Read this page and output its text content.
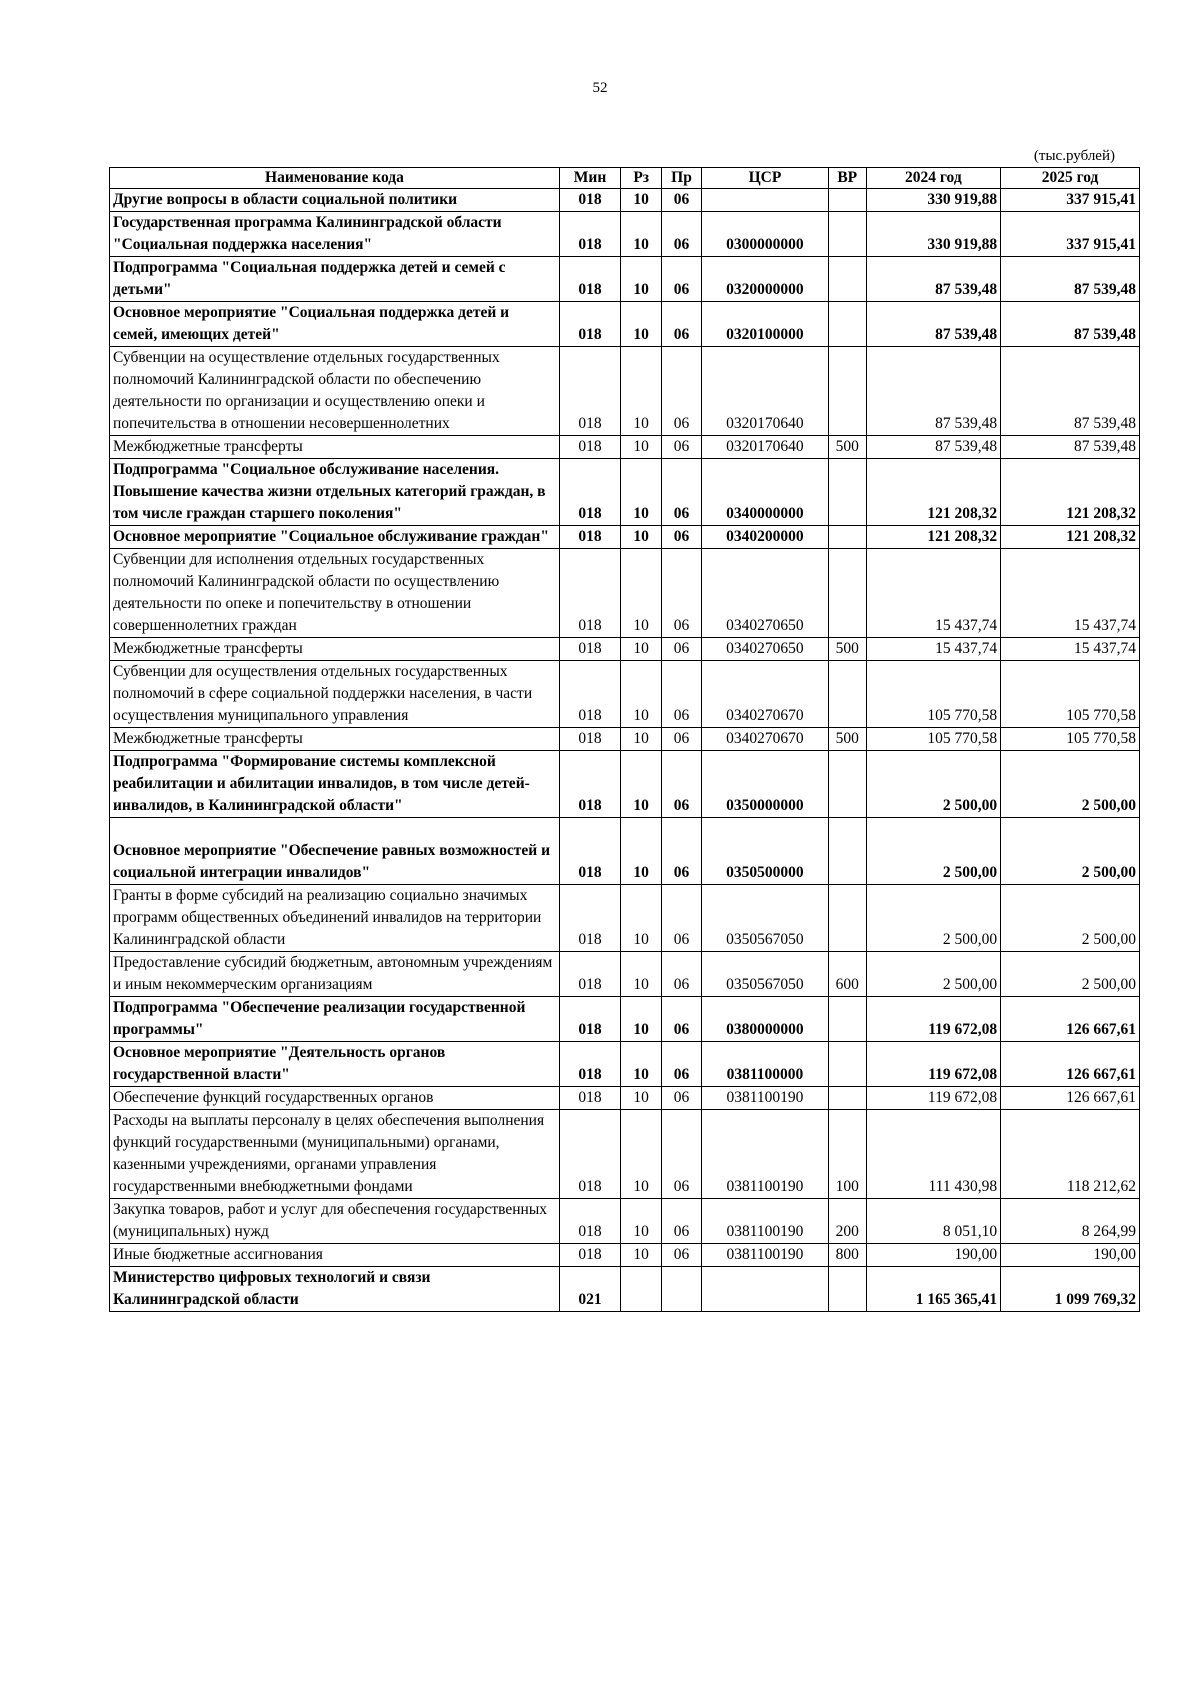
52
(тыс.рублей)
Наименование кода	Мин	Рз	Пр	ЦСР	ВР	2024 год	2025 год
Другие вопросы в области социальной политики	018	10	06			330 919,88	337 915,41
Государственная программа Калининградской области "Социальная поддержка населения"	018	10	06	0300000000		330 919,88	337 915,41
Подпрограмма "Социальная поддержка детей и семей с детьми"	018	10	06	0320000000		87 539,48	87 539,48
Основное мероприятие "Социальная поддержка детей и семей, имеющих детей"	018	10	06	0320100000		87 539,48	87 539,48
Субвенции на осуществление отдельных государственных полномочий Калининградской области по обеспечению деятельности по организации и осуществлению опеки и попечительства в отношении несовершеннолетних	018	10	06	0320170640		87 539,48	87 539,48
Межбюджетные трансферты	018	10	06	0320170640	500	87 539,48	87 539,48
Подпрограмма "Социальное обслуживание населения. Повышение качества жизни отдельных категорий граждан, в том числе граждан старшего поколения"	018	10	06	0340000000		121 208,32	121 208,32
Основное мероприятие "Социальное обслуживание граждан"	018	10	06	0340200000		121 208,32	121 208,32
Субвенции для исполнения отдельных государственных полномочий Калининградской области по осуществлению деятельности по опеке и попечительству в отношении совершеннолетних граждан	018	10	06	0340270650		15 437,74	15 437,74
Межбюджетные трансферты	018	10	06	0340270650	500	15 437,74	15 437,74
Субвенции для осуществления отдельных государственных полномочий в сфере социальной поддержки населения, в части осуществления муниципального управления	018	10	06	0340270670		105 770,58	105 770,58
Межбюджетные трансферты	018	10	06	0340270670	500	105 770,58	105 770,58
Подпрограмма "Формирование системы комплексной реабилитации и абилитации инвалидов, в том числе детей-инвалидов, в Калининградской области"	018	10	06	0350000000		2 500,00	2 500,00

Основное мероприятие "Обеспечение равных возможностей и социальной интеграции инвалидов"	018	10	06	0350500000		2 500,00	2 500,00
Гранты в форме субсидий на реализацию социально значимых программ общественных объединений инвалидов на территории Калининградской области	018	10	06	0350567050		2 500,00	2 500,00
Предоставление субсидий бюджетным, автономным учреждениям и иным некоммерческим организациям	018	10	06	0350567050	600	2 500,00	2 500,00
Подпрограмма "Обеспечение реализации государственной программы"	018	10	06	0380000000		119 672,08	126 667,61
Основное мероприятие "Деятельность органов государственной власти"	018	10	06	0381100000		119 672,08	126 667,61
Обеспечение функций государственных органов	018	10	06	0381100190		119 672,08	126 667,61
Расходы на выплаты персоналу в целях обеспечения выполнения функций государственными (муниципальными) органами, казенными учреждениями, органами управления государственными внебюджетными фондами	018	10	06	0381100190	100	111 430,98	118 212,62
Закупка товаров, работ и услуг для обеспечения государственных (муниципальных) нужд	018	10	06	0381100190	200	8 051,10	8 264,99
Иные бюджетные ассигнования	018	10	06	0381100190	800	190,00	190,00
Министерство цифровых технологий и связи Калининградской области	021					1 165 365,41	1 099 769,32
